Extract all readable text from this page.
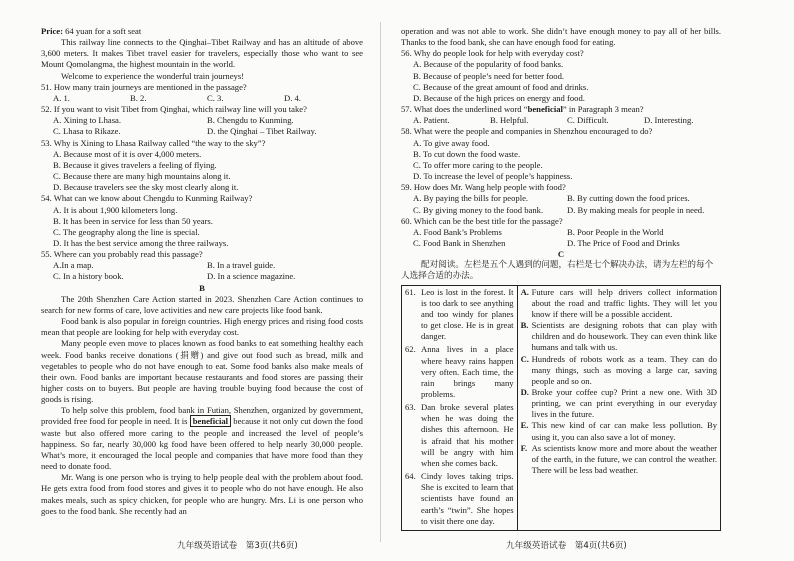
Price: 64 yuan for a soft seat

This railway line connects to the Qinghai–Tibet Railway and has an altitude of above 3,600 meters. It makes Tibet travel easier for travelers, especially those who want to see Mount Qomolangma, the highest mountain in the world.

Welcome to experience the wonderful train journeys!

51. How many train journeys are mentioned in the passage?

A. 1.	B. 2.	C. 3.	D. 4.

52. If you want to visit Tibet from Qinghai, which railway line will you take?

A. Xining to Lhasa.	B. Chengdu to Kunming.
C. Lhasa to Rikaze.	D. the Qinghai – Tibet Railway.

53. Why is Xining to Lhasa Railway called “the way to the sky”?

A. Because most of it is over 4,000 meters.

B. Because it gives travelers a feeling of flying.

C. Because there are many high mountains along it.

D. Because travelers see the sky most clearly along it.

54. What can we know about Chengdu to Kunming Railway?

A. It is about 1,900 kilometers long.

B. It has been in service for less than 50 years.

C. The geography along the line is special.

D. It has the best service among the three railways.

55. Where can you probably read this passage?

A.In a map.	B. In a travel guide.
C. In a history book.	D. In a science magazine.

B

The 20th Shenzhen Care Action started in 2023. Shenzhen Care Action continues to search for new forms of care, love activities and new care projects like food bank.

Food bank is also popular in foreign countries. High energy prices and rising food costs mean that people are looking for help with everyday cost.

Many people even move to places known as food banks to eat something healthy each week. Food banks receive donations (捐赠) and give out food such as bread, milk and vegetables to people who do not have enough to eat. Some food banks also make meals of their own. Food banks are important because restaurants and food stores are passing their higher costs on to buyers. But people are having trouble buying food because the cost of goods is rising.

To help solve this problem, food bank in Futian, Shenzhen, organized by government, provided free food for people in need. It is beneficial because it not only cut down the food waste but also offered more caring to the people and increased the level of people’s happiness. So far, nearly 30,000 kg food have been offered to help nearly 30,000 people. What’s more, it encouraged the local people and companies that have more food than they need to donate food.

Mr. Wang is one person who is trying to help people deal with the problem about food. He gets extra food from food stores and gives it to people who do not have enough. He also makes meals, such as spicy chicken, for people who are hungry. Mrs. Li is one person who goes to the food bank. She recently had an

operation and was not able to work. She didn’t have enough money to pay all of her bills. Thanks to the food bank, she can have enough food for eating.

56. Why do people look for help with everyday cost?

A. Because of the popularity of food banks.

B. Because of people’s need for better food.

C. Because of the great amount of food and drinks.

D. Because of the high prices on energy and food.

57. What does the underlined word “beneficial” in Paragraph 3 mean?

A. Patient.	B. Helpful.	C. Difficult.	D. Interesting.

58. What were the people and companies in Shenzhou encouraged to do?

A. To give away food.

B. To cut down the food waste.

C. To offer more caring to the people.

D. To increase the level of people’s happiness.

59. How does Mr. Wang help people with food?

A. By paying the bills for people.	B. By cutting down the food prices.
C. By giving money to the food bank.	D. By making meals for people in need.

60. Which can be the best title for the passage?

A. Food Bank’s Problems	B. Poor People in the World
C. Food Bank in Shenzhen	D. The Price of Food and Drinks

C

配对阅读。左栏是五个人遇到的问题，右栏是七个解决办法，请为左栏的每个人选择合适的办法。

61. Leo is lost in the forest. It is too dark to see anything and too windy for planes to get close. He is in great danger.
62. Anna lives in a place where heavy rains happen very often. Each time, the rain brings many problems.
63. Dan broke several plates when he was doing the dishes this afternoon. He is afraid that his mother will be angry with him when she comes back.
64. Cindy loves taking trips. She is excited to learn that scientists have found an earth’s “twin”. She hopes to visit there one day.

A. Future cars will help drivers collect information about the road and traffic lights. They will let you know if there will be a possible accident.
B. Scientists are designing robots that can play with children and do housework. They can even think like humans and talk with us.
C. Hundreds of robots work as a team. They can do many things, such as moving a large car, saving people and so on.
D. Broke your coffee cup? Print a new one. With 3D printing, we can print everything in our everyday lives in the future.
E. This new kind of car can make less pollution. By using it, you can also save a lot of money.
F. As scientists know more and more about the weather of the earth, in the future, we can control the weather. There will be less bad weather.
九年级英语试卷　第3页(共6页)	九年级英语试卷　第4页(共6页)
